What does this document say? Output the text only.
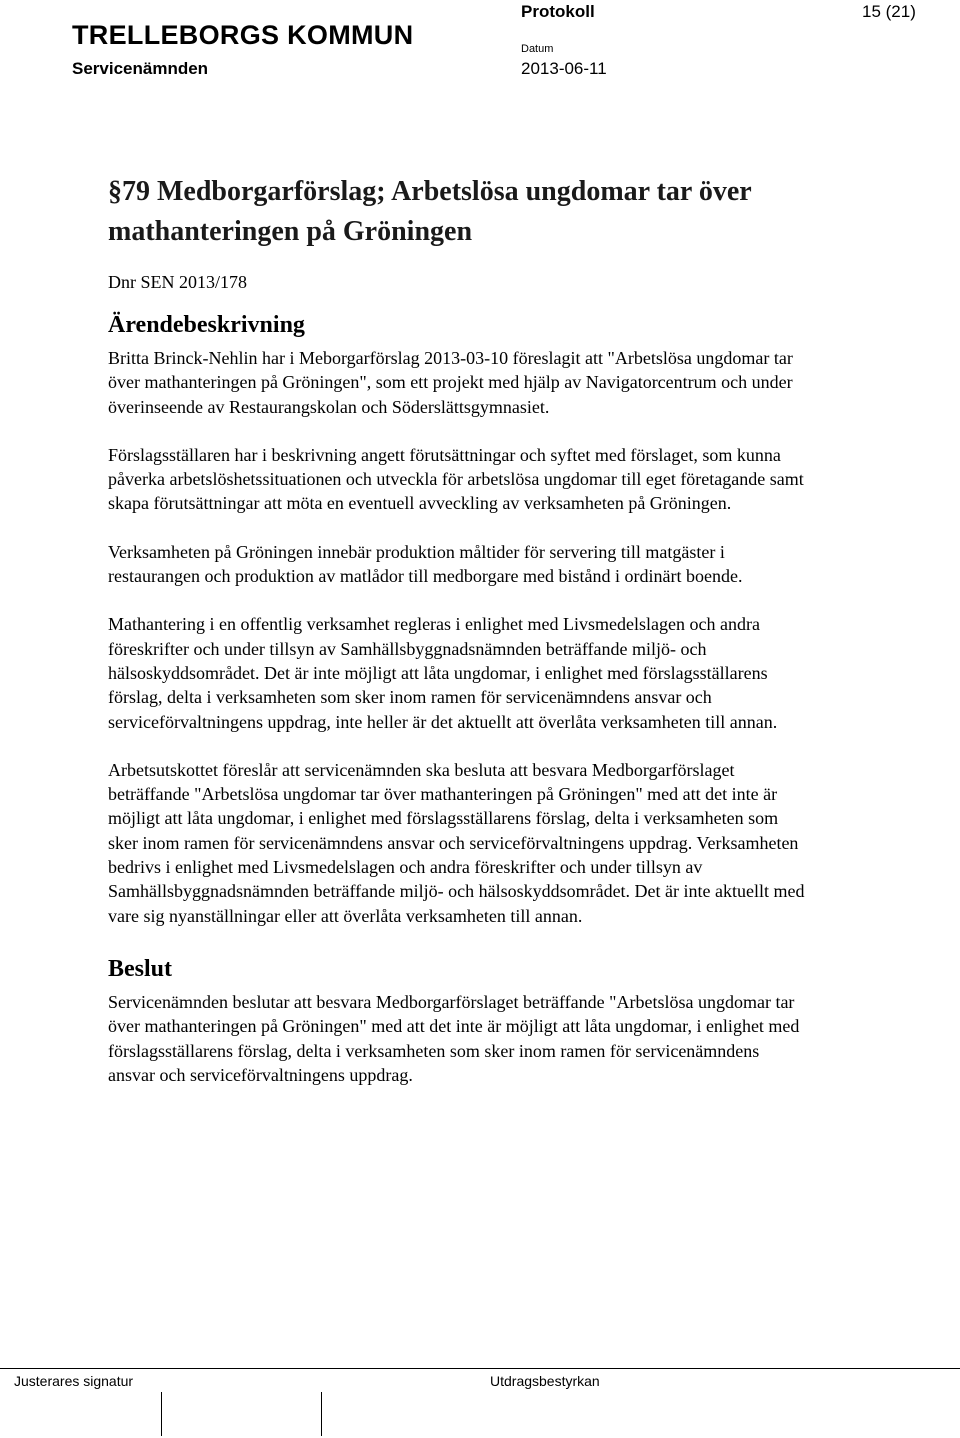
TRELLEBORGS KOMMUN
Servicenämnden
Protokoll	15 (21)
Datum
2013-06-11
§79 Medborgarförslag; Arbetslösa ungdomar tar över mathanteringen på Gröningen

Dnr SEN 2013/178

Ärendebeskrivning

Britta Brinck-Nehlin har i Meborgarförslag 2013-03-10 föreslagit att "Arbetslösa ungdomar tar över mathanteringen på Gröningen", som ett projekt med hjälp av Navigatorcentrum och under överinseende av Restaurangskolan och Söderslättsgymnasiet.

Förslagsställaren har i beskrivning angett förutsättningar och syftet med förslaget, som kunna påverka arbetslöshetssituationen och utveckla för arbetslösa ungdomar till eget företagande samt skapa förutsättningar att möta en eventuell avveckling av verksamheten på Gröningen.

Verksamheten på Gröningen innebär produktion måltider för servering till matgäster i restaurangen och produktion av matlådor till medborgare med bistånd i ordinärt boende.

Mathantering i en offentlig verksamhet regleras i enlighet med Livsmedelslagen och andra föreskrifter och under tillsyn av Samhällsbyggnadsnämnden beträffande miljö- och hälsoskyddsområdet. Det är inte möjligt att låta ungdomar, i enlighet med förslagsställarens förslag, delta i verksamheten som sker inom ramen för servicenämndens ansvar och serviceförvaltningens uppdrag, inte heller är det aktuellt att överlåta verksamheten till annan.

Arbetsutskottet föreslår att servicenämnden ska besluta att besvara Medborgarförslaget beträffande "Arbetslösa ungdomar tar över mathanteringen på Gröningen" med att det inte är möjligt att låta ungdomar, i enlighet med förslagsställarens förslag, delta i verksamheten som sker inom ramen för servicenämndens ansvar och serviceförvaltningens uppdrag. Verksamheten bedrivs i enlighet med Livsmedelslagen och andra föreskrifter och under tillsyn av Samhällsbyggnadsnämnden beträffande miljö- och hälsoskyddsområdet. Det är inte aktuellt med vare sig nyanställningar eller att överlåta verksamheten till annan.

Beslut

Servicenämnden beslutar att besvara Medborgarförslaget beträffande "Arbetslösa ungdomar tar över mathanteringen på Gröningen" med att det inte är möjligt att låta ungdomar, i enlighet med förslagsställarens förslag, delta i verksamheten som sker inom ramen för servicenämndens ansvar och serviceförvaltningens uppdrag.

Justerares signatur	Utdragsbestyrkan
